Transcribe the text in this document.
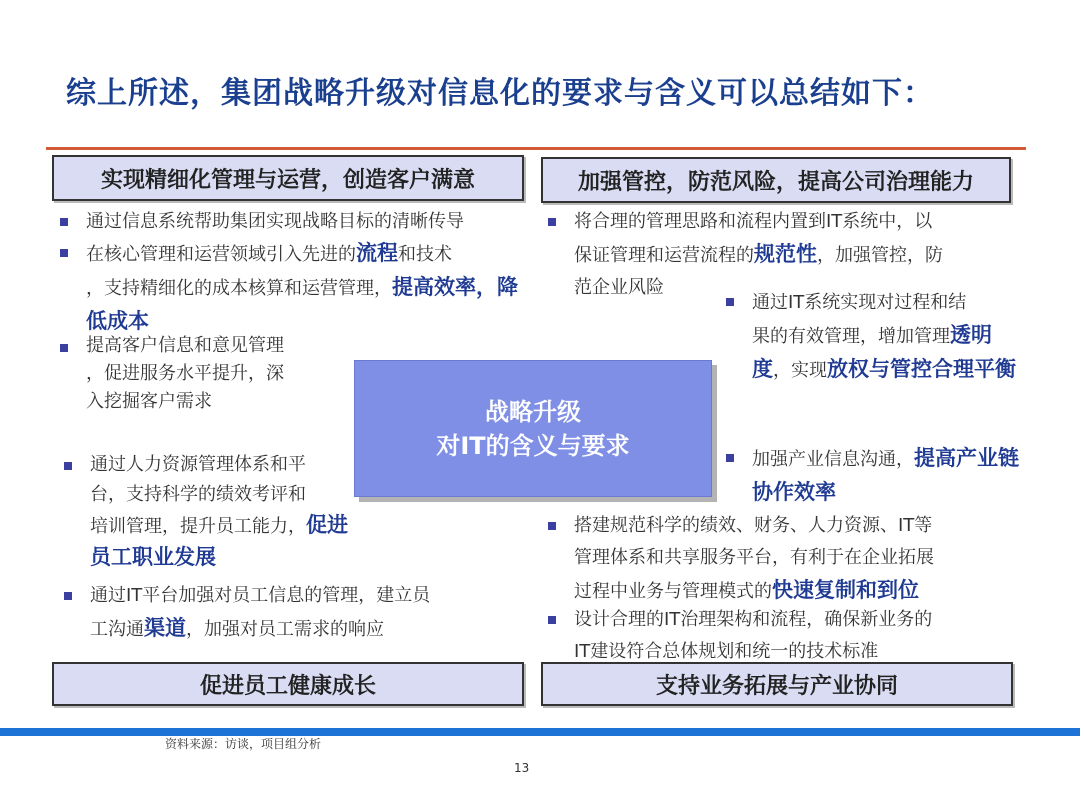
综上所述，集团战略升级对信息化的要求与含义可以总结如下：
实现精细化管理与运营，创造客户满意	加强管控，防范风险，提高公司治理能力
促进员工健康成长	支持业务拓展与产业协同
战略升级
对IT的含义与要求
通过信息系统帮助集团实现战略目标的清晰传导
在核心管理和运营领域引入先进的流程和技术
，支持精细化的成本核算和运营管理，提高效率，降低成本
提高客户信息和意见管理
，促进服务水平提升，深
入挖掘客户需求
通过人力资源管理体系和平
台，支持科学的绩效考评和
培训管理，提升员工能力，促进员工职业发展
通过IT平台加强对员工信息的管理，建立员
工沟通渠道，加强对员工需求的响应
将合理的管理思路和流程内置到IT系统中，以
保证管理和运营流程的规范性，加强管控，防
范企业风险
通过IT系统实现对过程和结
果的有效管理，增加管理透明度，实现放权与管控合理平衡
加强产业信息沟通，提高产业链协作效率
搭建规范科学的绩效、财务、人力资源、IT等
管理体系和共享服务平台，有利于在企业拓展
过程中业务与管理模式的快速复制和到位
设计合理的IT治理架构和流程，确保新业务的
IT建设符合总体规划和统一的技术标准
资料来源：访谈，项目组分析
13
